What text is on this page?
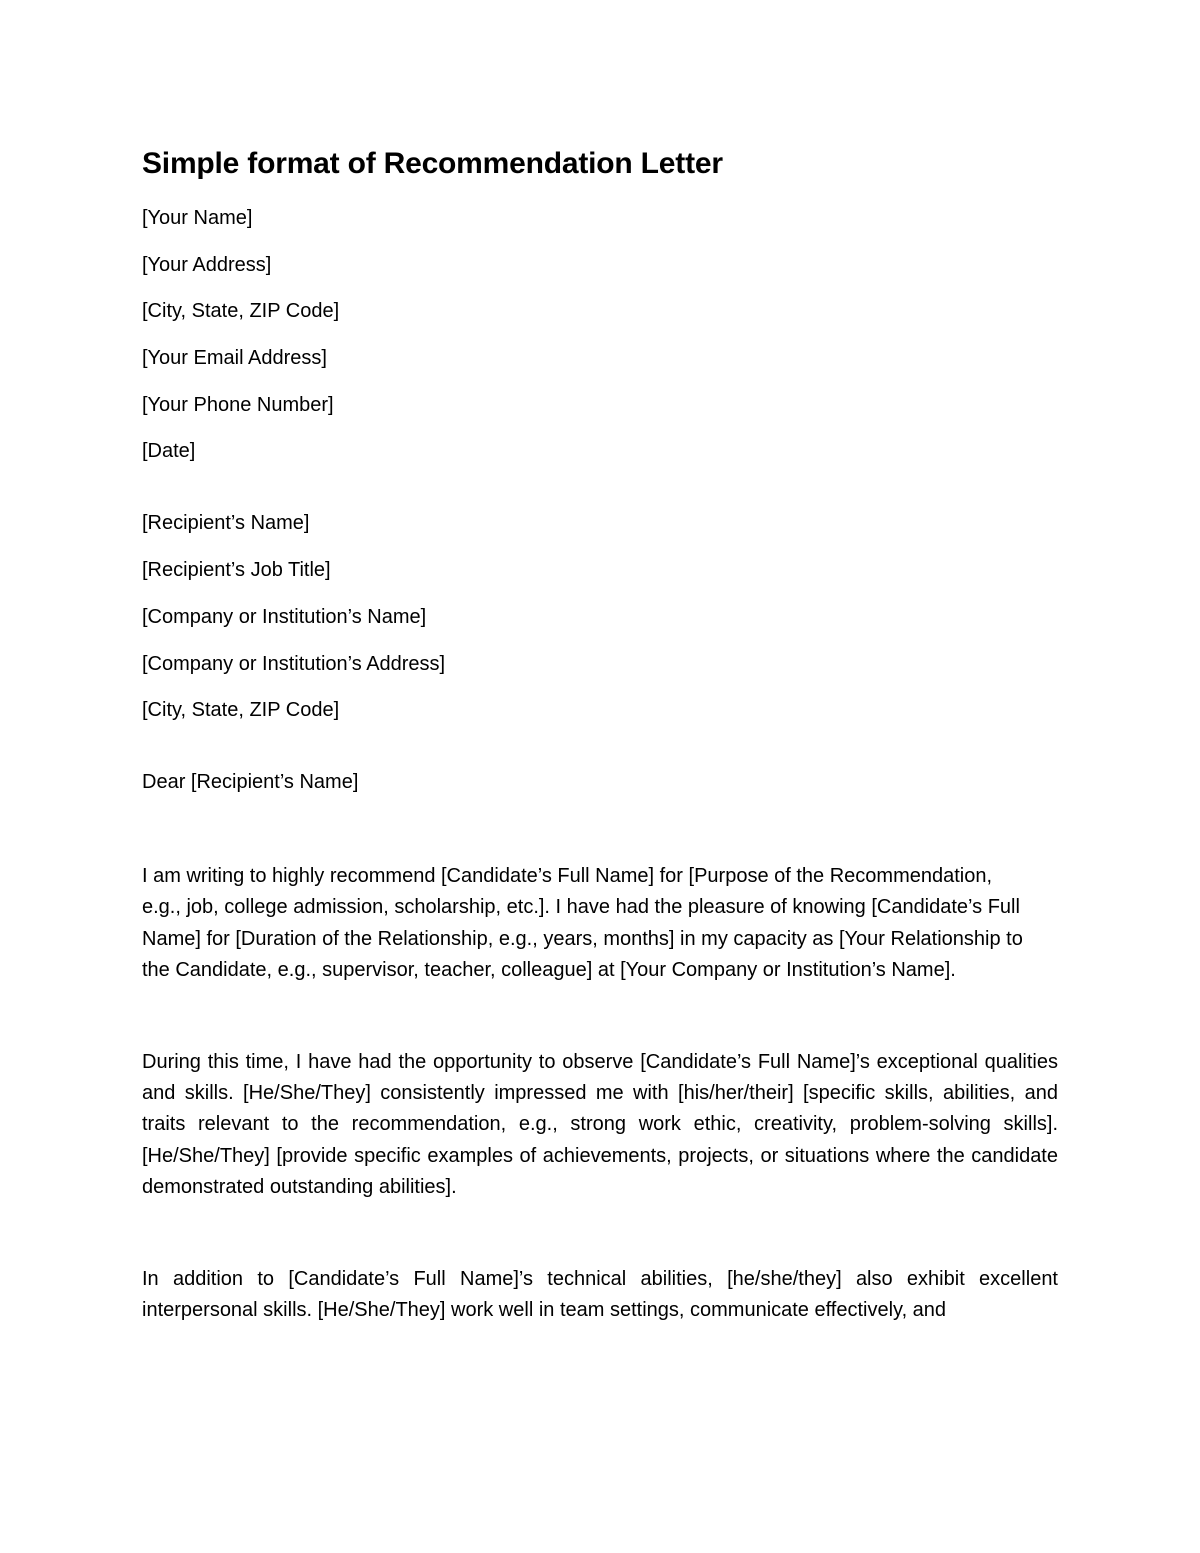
Simple format of Recommendation Letter

[Your Name]

[Your Address]

[City, State, ZIP Code]

[Your Email Address]

[Your Phone Number]

[Date]

[Recipient’s Name]

[Recipient’s Job Title]

[Company or Institution’s Name]

[Company or Institution’s Address]

[City, State, ZIP Code]

Dear [Recipient’s Name]

I am writing to highly recommend [Candidate’s Full Name] for [Purpose of the Recommendation, e.g., job, college admission, scholarship, etc.]. I have had the pleasure of knowing [Candidate’s Full Name] for [Duration of the Relationship, e.g., years, months] in my capacity as [Your Relationship to the Candidate, e.g., supervisor, teacher, colleague] at [Your Company or Institution’s Name].

During this time, I have had the opportunity to observe [Candidate’s Full Name]’s exceptional qualities and skills. [He/She/They] consistently impressed me with [his/her/their] [specific skills, abilities, and traits relevant to the recommendation, e.g., strong work ethic, creativity, problem-solving skills]. [He/She/They] [provide specific examples of achievements, projects, or situations where the candidate demonstrated outstanding abilities].

In addition to [Candidate’s Full Name]’s technical abilities, [he/she/they] also exhibit excellent interpersonal skills. [He/She/They] work well in team settings, communicate effectively, and
